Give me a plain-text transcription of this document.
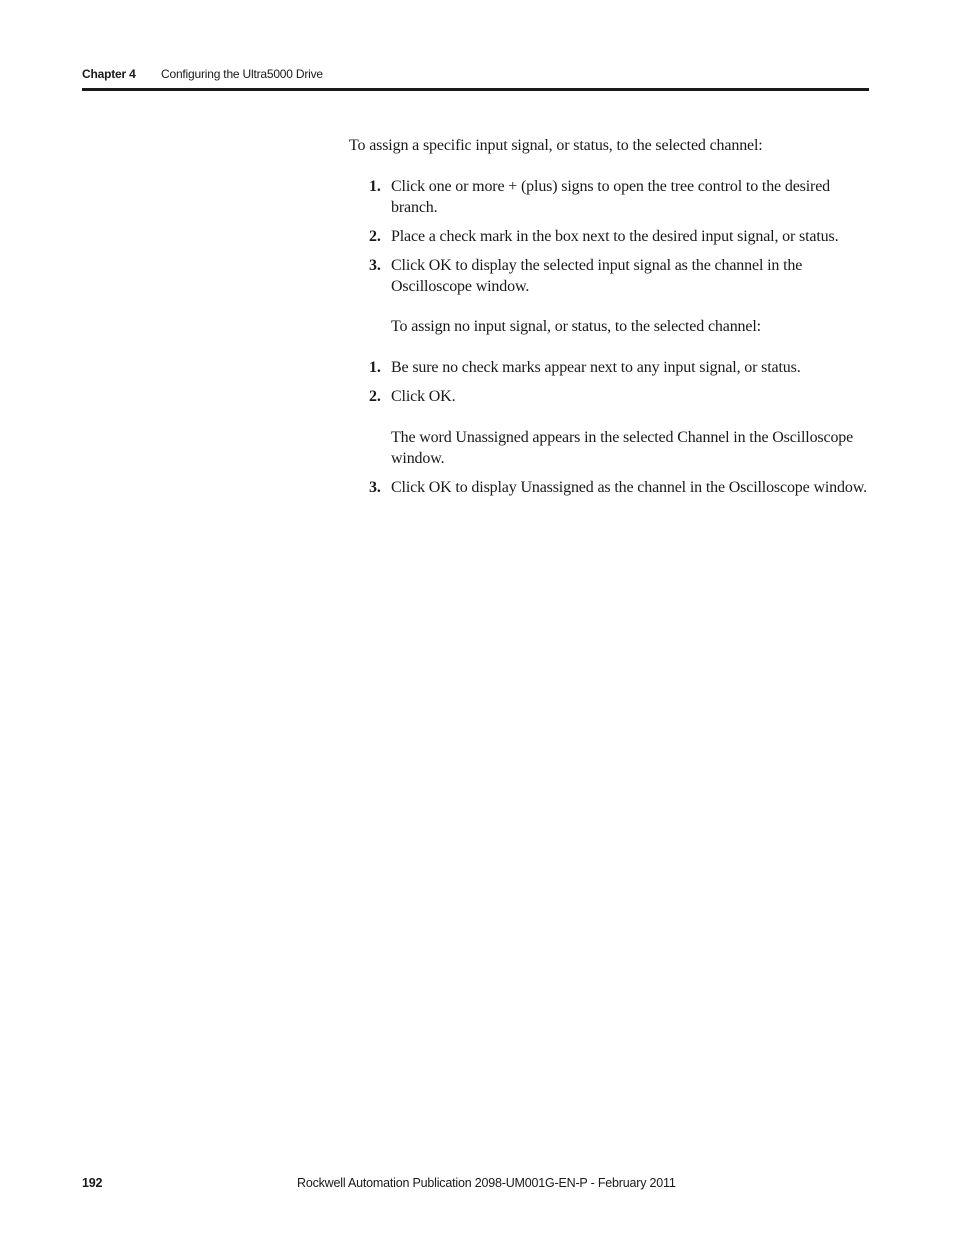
Chapter 4 Configuring the Ultra5000 Drive
To assign a specific input signal, or status, to the selected channel:
1. Click one or more + (plus) signs to open the tree control to the desired branch.
2. Place a check mark in the box next to the desired input signal, or status.
3. Click OK to display the selected input signal as the channel in the Oscilloscope window.
To assign no input signal, or status, to the selected channel:
1. Be sure no check marks appear next to any input signal, or status.
2. Click OK.
The word Unassigned appears in the selected Channel in the Oscilloscope window.
3. Click OK to display Unassigned as the channel in the Oscilloscope window.
192	Rockwell Automation Publication 2098-UM001G-EN-P - February 2011
